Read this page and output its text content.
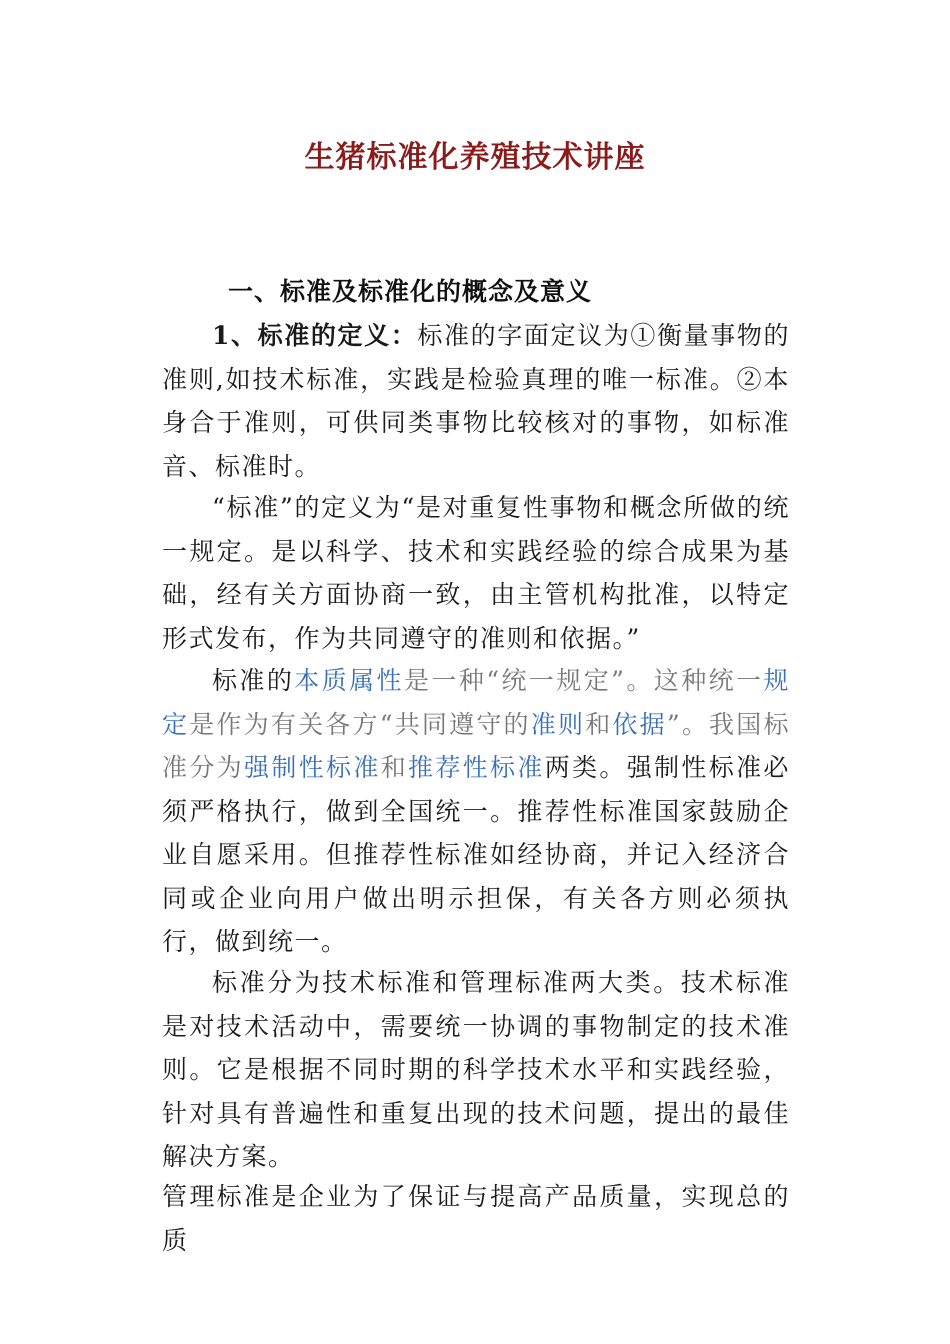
生猪标准化养殖技术讲座
一、标准及标准化的概念及意义

1、标准的定义：标准的字面定议为①衡量事物的准则,如技术标准，实践是检验真理的唯一标准。②本身合于准则，可供同类事物比较核对的事物，如标准音、标准时。

“标准”的定义为“是对重复性事物和概念所做的统一规定。是以科学、技术和实践经验的综合成果为基础，经有关方面协商一致，由主管机构批准，以特定形式发布，作为共同遵守的准则和依据。”

标准的本质属性是一种“统一规定”。这种统一规定是作为有关各方“共同遵守的准则和依据”。我国标准分为强制性标准和推荐性标准两类。强制性标准必须严格执行，做到全国统一。推荐性标准国家鼓励企业自愿采用。但推荐性标准如经协商，并记入经济合同或企业向用户做出明示担保，有关各方则必须执行，做到统一。

标准分为技术标准和管理标准两大类。技术标准是对技术活动中，需要统一协调的事物制定的技术准则。它是根据不同时期的科学技术水平和实践经验，针对具有普遍性和重复出现的技术问题，提出的最佳解决方案。

管理标准是企业为了保证与提高产品质量，实现总的质
